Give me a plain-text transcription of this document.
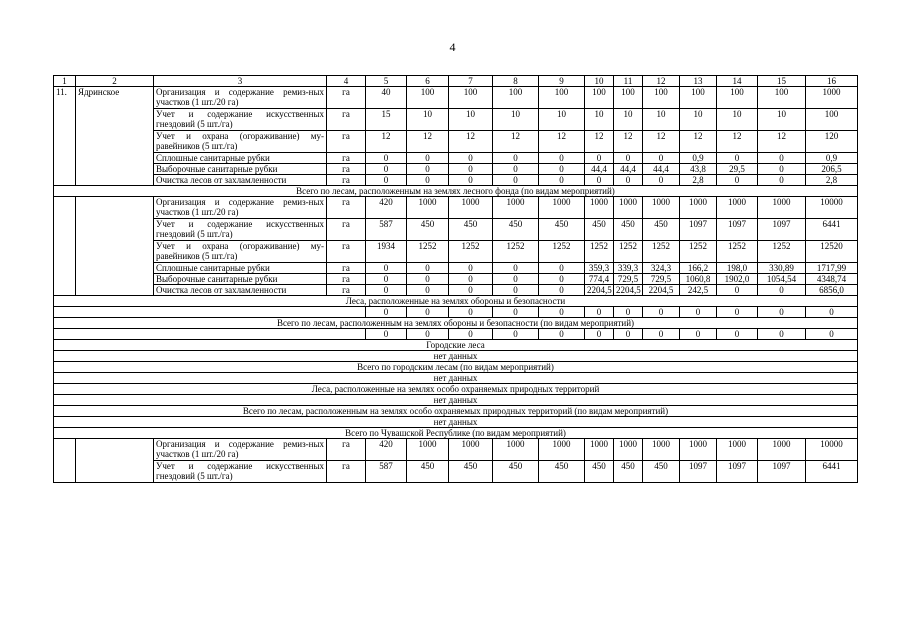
4
1	2	3	4	5	6	7	8	9	10	11	12	13	14	15	16
11.	Ядринское	Организация и содержание ремиз-ных участков (1 шт./20 га)	га	40	100	100	100	100	100	100	100	100	100	100	1000
		Учет и содержание искусственных гнездовий (5 шт./га)	га	15	10	10	10	10	10	10	10	10	10	10	100
		Учет и охрана (огораживание) му-равейников (5 шт./га)	га	12	12	12	12	12	12	12	12	12	12	12	120
		Сплошные санитарные рубки	га	0	0	0	0	0	0	0	0	0,9	0	0	0,9
		Выборочные санитарные рубки	га	0	0	0	0	0	44,4	44,4	44,4	43,8	29,5	0	206,5
		Очистка лесов от захламленности	га	0	0	0	0	0	0	0	0	2,8	0	0	2,8
Всего по лесам, расположенным на землях лесного фонда (по видам мероприятий)															
		Организация и содержание ремиз-ных участков (1 шт./20 га)	га	420	1000	1000	1000	1000	1000	1000	1000	1000	1000	1000	10000
		Учет и содержание искусственных гнездовий (5 шт./га)	га	587	450	450	450	450	450	450	450	1097	1097	1097	6441
		Учет и охрана (огораживание) му-равейников (5 шт./га)	га	1934	1252	1252	1252	1252	1252	1252	1252	1252	1252	1252	12520
		Сплошные санитарные рубки	га	0	0	0	0	0	359,3	339,3	324,3	166,2	198,0	330,89	1717,99
		Выборочные санитарные рубки	га	0	0	0	0	0	774,4	729,5	729,5	1060,8	1902,0	1054,54	4348,74
		Очистка лесов от захламленности	га	0	0	0	0	0	2204,5	2204,5	2204,5	242,5	0	0	6856,0
Леса, расположенные на землях обороны и безопасности															
				0	0	0	0	0	0	0	0	0	0	0	0
Всего по лесам, расположенным на землях обороны и безопасности (по видам мероприятий)															
				0	0	0	0	0	0	0	0	0	0	0	0
Городские леса															
нет данных															
Всего по городским лесам (по видам мероприятий)															
нет данных															
Леса, расположенные на землях особо охраняемых природных территорий															
нет данных															
Всего по лесам, расположенным на землях особо охраняемых природных территорий (по видам мероприятий)															
нет данных															
Всего по Чувашской Республике (по видам мероприятий)															
		Организация и содержание ремиз-ных участков (1 шт./20 га)	га	420	1000	1000	1000	1000	1000	1000	1000	1000	1000	1000	10000
		Учет и содержание искусственных гнездовий (5 шт./га)	га	587	450	450	450	450	450	450	450	1097	1097	1097	6441
